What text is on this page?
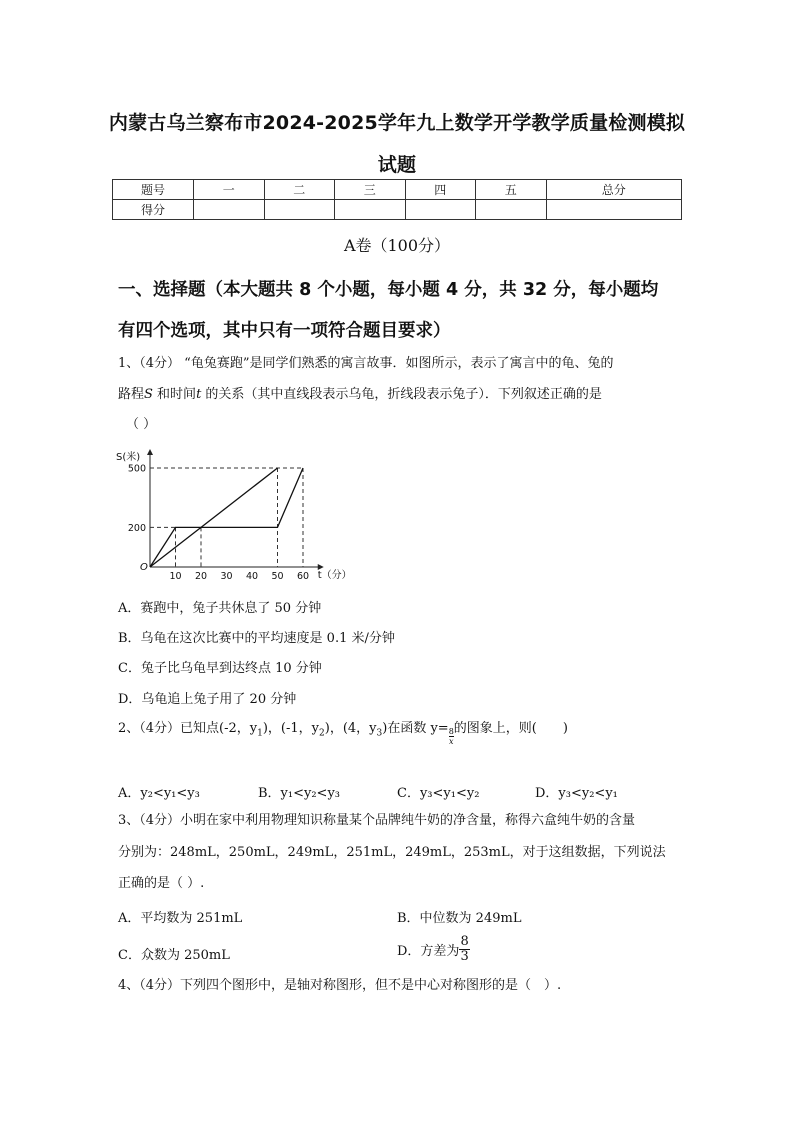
内蒙古乌兰察布市2024-2025学年九上数学开学教学质量检测模拟
试题
题号	一	二	三	四	五	总分
得分						
A卷（100分）
一、选择题（本大题共 8 个小题，每小题 4 分，共 32 分，每小题均
有四个选项，其中只有一项符合题目要求）
1、（4分） “龟兔赛跑”是同学们熟悉的寓言故事．如图所示，表示了寓言中的龟、兔的
路程S 和时间t 的关系（其中直线段表示乌龟，折线段表示兔子）．下列叙述正确的是
（ ）
S(米)
t（分）
O
10 20 30 40 50 60
200
500
A．赛跑中，兔子共休息了 50 分钟
B．乌龟在这次比赛中的平均速度是 0.1 米/分钟
C．兔子比乌龟早到达终点 10 分钟
D．乌龟追上兔子用了 20 分钟
2、（4分）已知点(-2，$y_1$)，(-1，$y_2$)，(4，$y_3$)在函数 $y= \frac{8}{x}$ 的图象上，则(　　)
A．y₂<y₁<y₃	B．y₁<y₂<y₃	C．y₃<y₁<y₂	D．y₃<y₂<y₁
3、（4分）小明在家中利用物理知识称量某个品牌纯牛奶的净含量，称得六盒纯牛奶的含量
分别为：248mL，250mL，249mL，251mL，249mL，253mL，对于这组数据，下列说法
正确的是（ ）.
A．平均数为 251mL	B．中位数为 249mL
C．众数为 250mL	D．方差为 $\frac{8}{3}$
4、（4分）下列四个图形中，是轴对称图形，但不是中心对称图形的是（　）.
